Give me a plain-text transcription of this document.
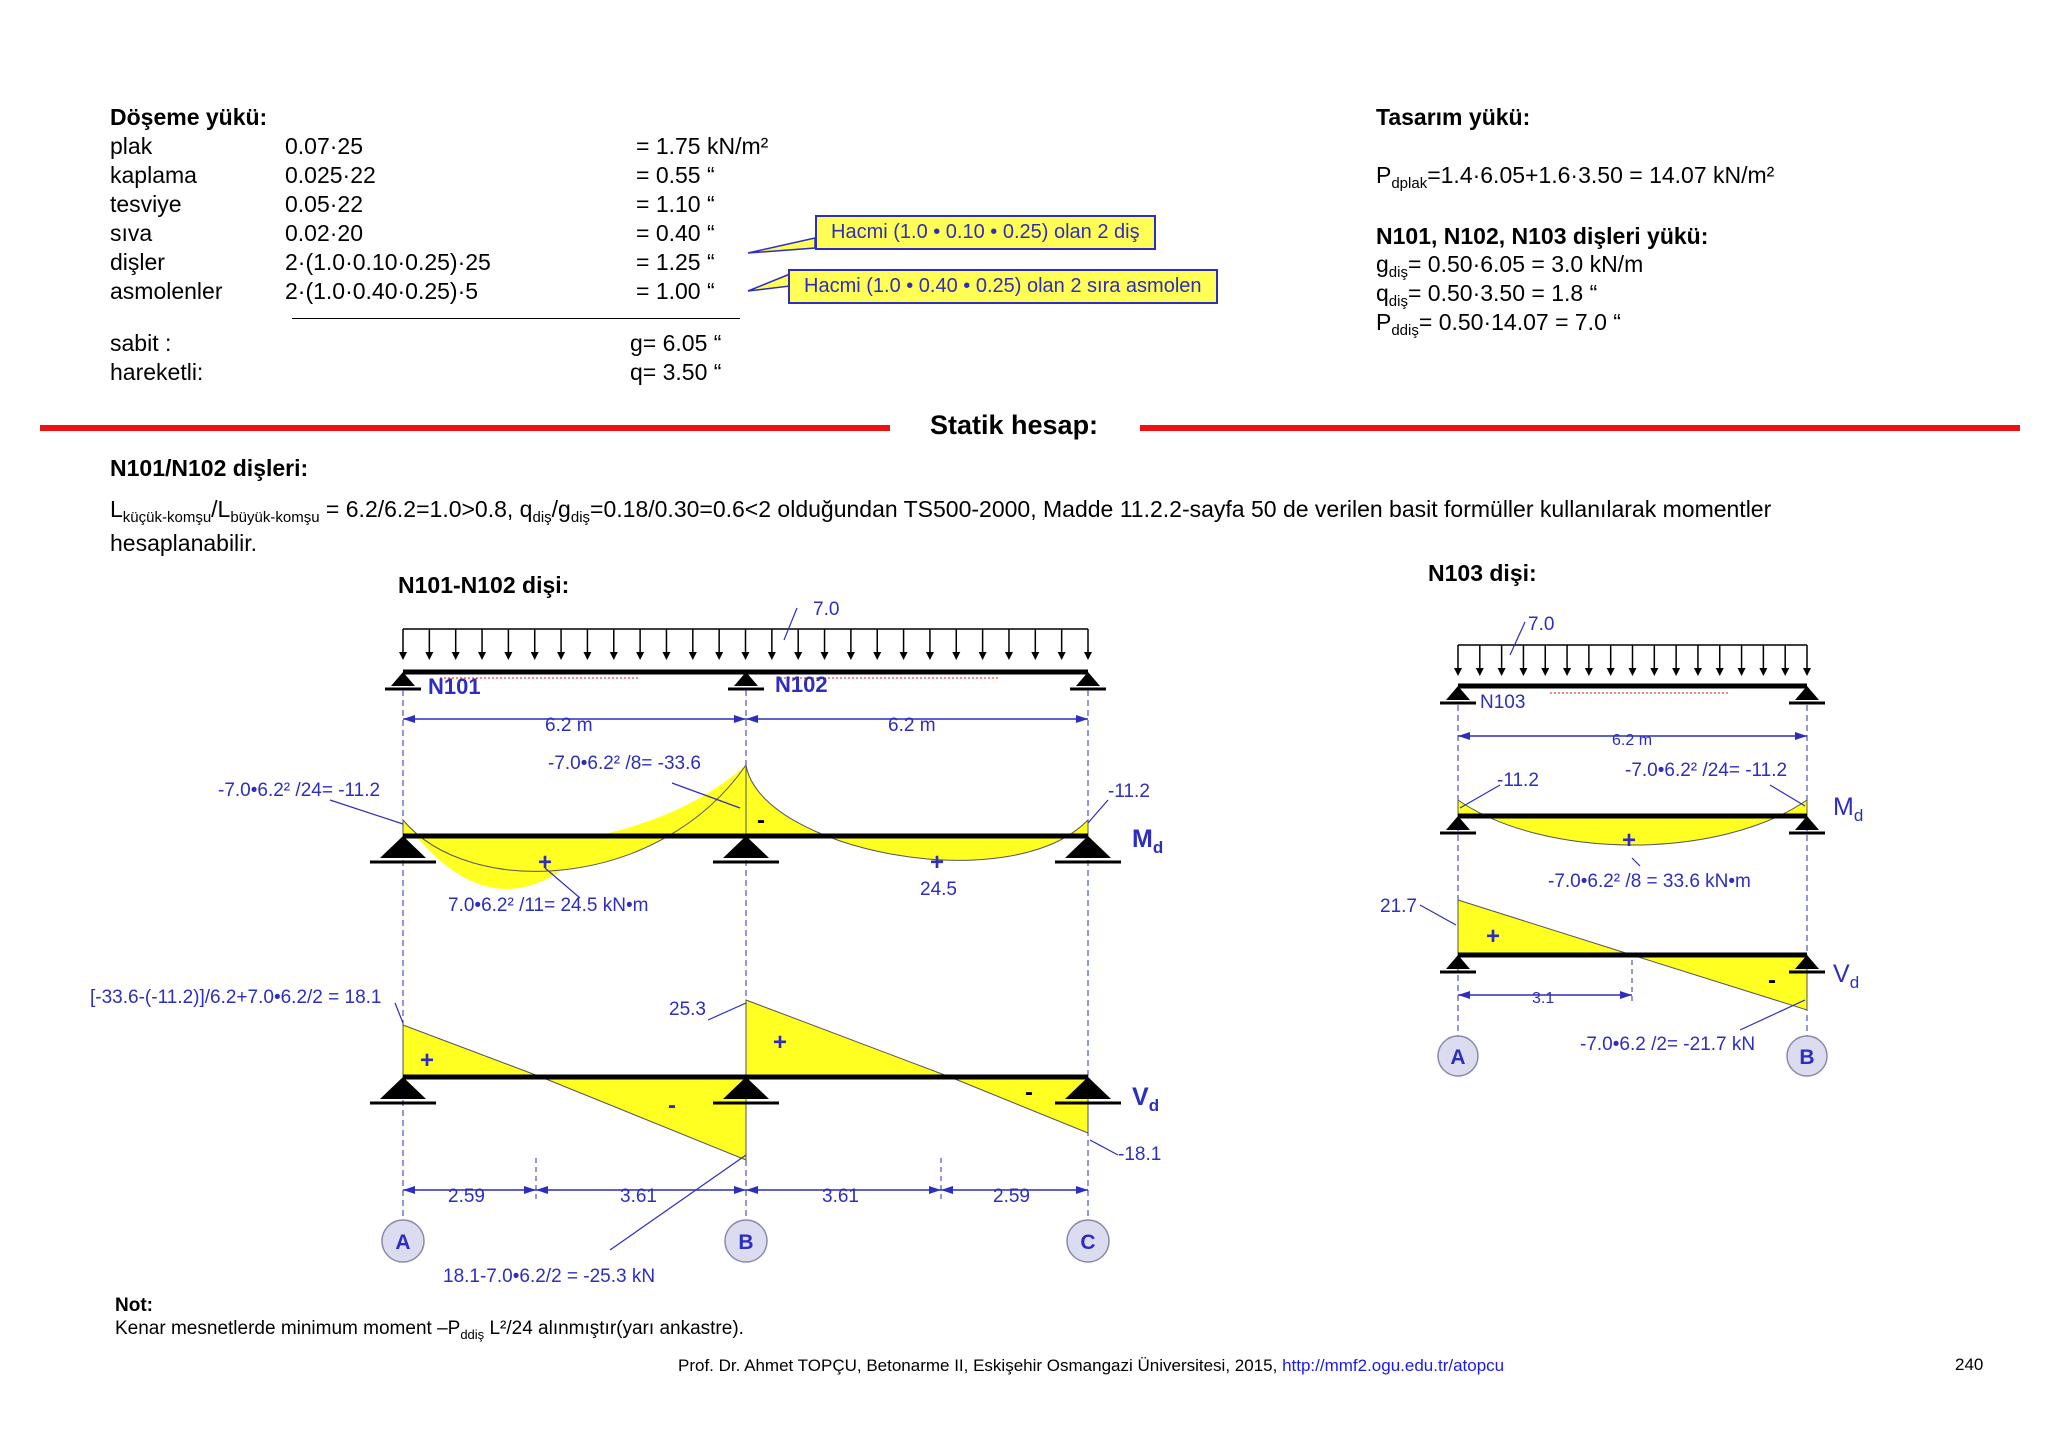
Döşeme yükü:
plak	0.07·25	= 1.75 kN/m²
kaplama	0.025·22	= 0.55 “
tesviye	0.05·22	= 1.10 “
sıva	0.02·20	= 0.40 “
dişler	2·(1.0·0.10·0.25)·25	= 1.25 “
asmolenler	2·(1.0·0.40·0.25)·5	= 1.00 “
sabit :	g= 6.05 “
hareketli:	q= 3.50 “
Hacmi (1.0 • 0.10 • 0.25) olan 2 diş
Hacmi (1.0 • 0.40 • 0.25) olan 2 sıra asmolen
Tasarım yükü:
$P_{dplak}=1.4\cdot 6.05+1.6\cdot 3.50 = 14.07$ kN/m²
N101, N102, N103 dişleri yükü:
$g_{diş}= 0.50\cdot 6.05 = 3.0$ kN/m
$q_{diş}= 0.50\cdot 3.50 = 1.8$ “
$P_{ddiş}= 0.50\cdot 14.07 = 7.0$ “
Statik hesap:
N101/N102 dişleri:
$L_{küçük-komşu}/L_{büyük-komşu} = 6.2/6.2=1.0>0.8$, $q_{diş}/g_{diş}=0.18/0.30=0.6<2$ olduğundan TS500-2000, Madde 11.2.2-sayfa 50 de verilen basit formüller kullanılarak momentler
hesaplanabilir.
N101-N102 dişi:
7.0
N101	N102
6.2 m	6.2 m
-7.0•6.2² /24= -11.2
-7.0•6.2² /8= -33.6
-11.2
7.0•6.2² /11= 24.5 kN•m
24.5
$M_d$
+	+
-
[-33.6-(-11.2)]/6.2+7.0•6.2/2 = 18.1
25.3
-18.1
18.1-7.0•6.2/2 = -25.3 kN
$V_d$
+
+
-	-
2.59	3.61	3.61	2.59
A	B	C
N103 dişi:
7.0
N103
6.2 m
-11.2	-7.0•6.2² /24= -11.2
-7.0•6.2² /8 = 33.6 kN•m
$M_d$
+
21.7
-7.0•6.2 /2= -21.7 kN
$V_d$
+
-
3.1
A	B
Not:
Kenar mesnetlerde minimum moment $-P_{ddiş}$ L²/24 alınmıştır(yarı ankastre).
Prof. Dr. Ahmet TOPÇU, Betonarme II, Eskişehir Osmangazi Üniversitesi, 2015, http://mmf2.ogu.edu.tr/atopcu	240
